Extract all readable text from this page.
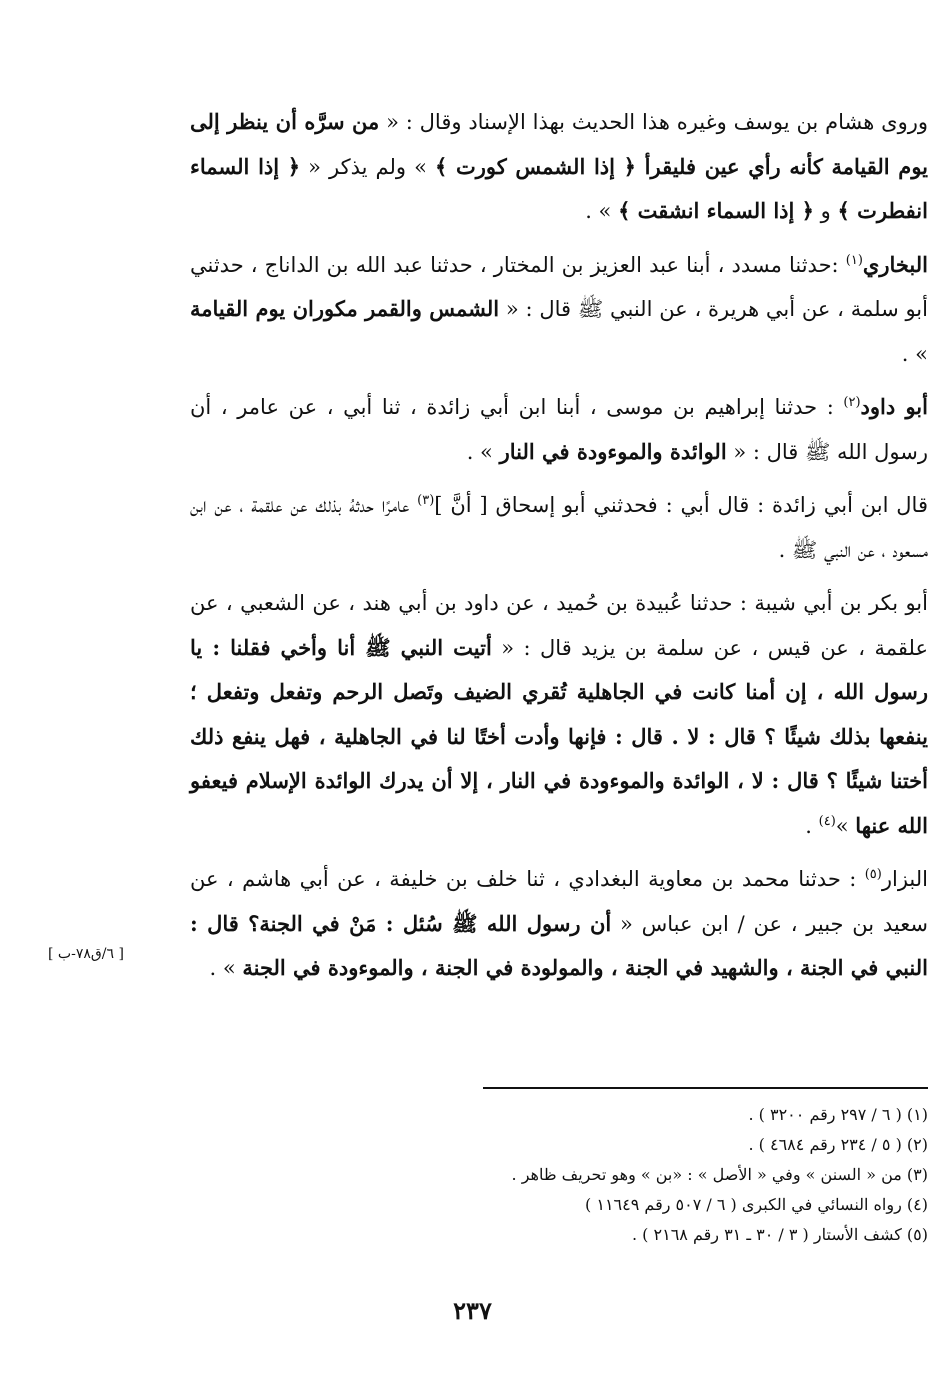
وروى هشام بن يوسف وغيره هذا الحديث بهذا الإسناد وقال : « من سرَّه أن ينظر إلى يوم القيامة كأنه رأي عين فليقرأ ﴿ إذا الشمس كورت ﴾ » ولم يذكر « ﴿ إذا السماء انفطرت ﴾ و ﴿ إذا السماء انشقت ﴾ » .

البخاري$^{(١)}$ :حدثنا مسدد ، أبنا عبد العزيز بن المختار ، حدثنا عبد الله بن الداناج ، حدثني أبو سلمة ، عن أبي هريرة ، عن النبي ﷺ قال : « الشمس والقمر مكوران يوم القيامة » .

أبو داود$^{(٢)}$ : حدثنا إبراهيم بن موسى ، أبنا ابن أبي زائدة ، ثنا أبي ، عن عامر ، أن رسول الله ﷺ قال : « الوائدة والموءودة في النار » .

قال ابن أبي زائدة : قال أبي : فحدثني أبو إسحاق [ أنَّ ]$^{(٣)}$ عامرًا حدثهُ بذلك عن علقمة ، عن ابن مسعود ، عن النبي ﷺ .

أبو بكر بن أبي شيبة : حدثنا عُبيدة بن حُميد ، عن داود بن أبي هند ، عن الشعبي ، عن علقمة ، عن قيس ، عن سلمة بن يزيد قال : « أتيت النبي ﷺ أنا وأخي فقلنا : يا رسول الله ، إن أمنا كانت في الجاهلية تُقري الضيف وتَصل الرحم وتفعل وتفعل ؛ ينفعها بذلك شيئًا ؟ قال : لا . قال : فإنها وأدت أختًا لنا في الجاهلية ، فهل ينفع ذلك أختنا شيئًا ؟ قال : لا ، الوائدة والموءودة في النار ، إلا أن يدرك الوائدة الإسلام فيعفو الله عنها »$^{(٤)}$ .

البزار$^{(٥)}$ : حدثنا محمد بن معاوية البغدادي ، ثنا خلف بن خليفة ، عن أبي هاشم ، عن سعيد بن جبير ، عن / ابن عباس « أن رسول الله ﷺ سُئل : مَنْ في الجنة؟ قال : النبي في الجنة ، والشهيد في الجنة ، والمولودة في الجنة ، والموءودة في الجنة » .

[ ٦/ق٧٨-ب ]

(١) ( ٦ / ٢٩٧ رقم ٣٢٠٠ ) .

(٢) ( ٥ / ٢٣٤ رقم ٤٦٨٤ ) .

(٣) من « السنن » وفي « الأصل » : «بن » وهو تحريف ظاهر .

(٤) رواه النسائي في الكبرى ( ٦ / ٥٠٧ رقم ١١٦٤٩ )

(٥) كشف الأستار ( ٣ / ٣٠ ـ ٣١ رقم ٢١٦٨ ) .

٢٣٧
